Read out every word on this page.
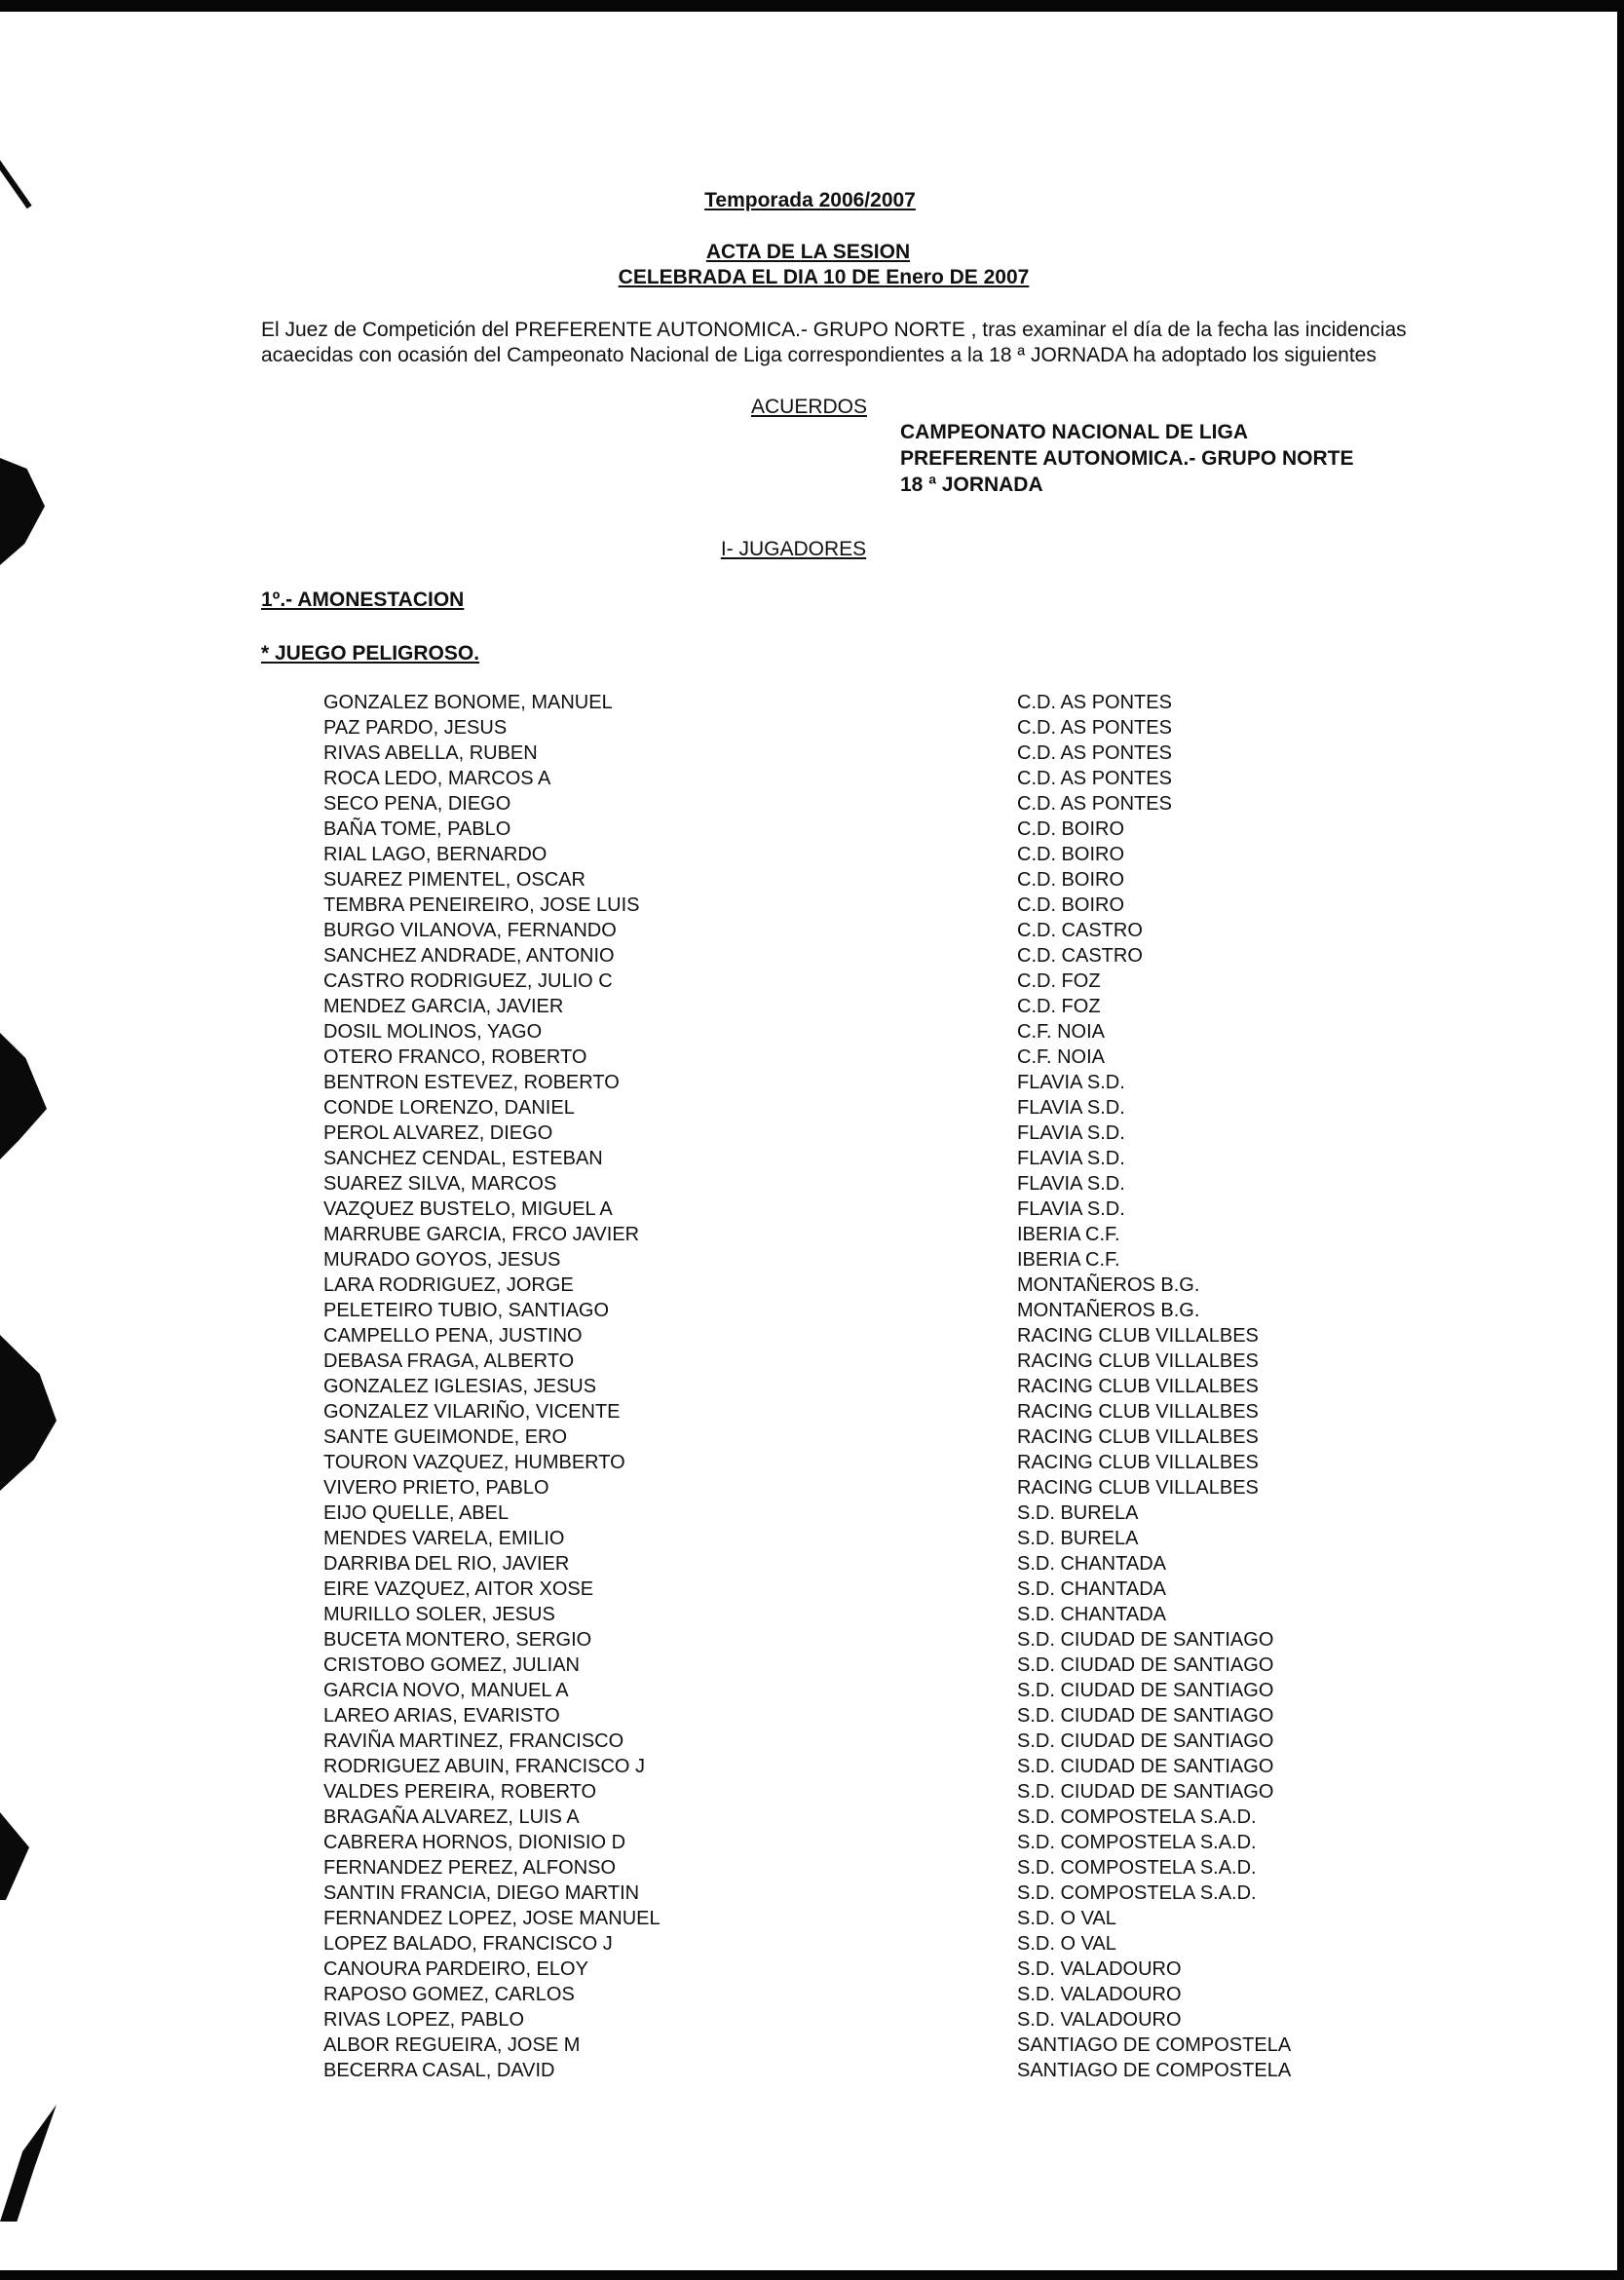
Temporada 2006/2007
ACTA DE LA SESION
CELEBRADA EL DIA 10 DE Enero DE 2007
El Juez de Competición del PREFERENTE AUTONOMICA.- GRUPO NORTE , tras examinar el día de la fecha las incidencias
acaecidas con ocasión del Campeonato Nacional de Liga correspondientes a la 18 ª JORNADA ha adoptado los siguientes
ACUERDOS
CAMPEONATO NACIONAL DE LIGA
PREFERENTE AUTONOMICA.- GRUPO NORTE
18 ª JORNADA
I- JUGADORES
1º.- AMONESTACION
* JUEGO PELIGROSO.
GONZALEZ BONOME, MANUEL	C.D. AS PONTES
PAZ PARDO, JESUS	C.D. AS PONTES
RIVAS ABELLA, RUBEN	C.D. AS PONTES
ROCA LEDO, MARCOS A	C.D. AS PONTES
SECO PENA, DIEGO	C.D. AS PONTES
BAÑA TOME, PABLO	C.D. BOIRO
RIAL LAGO, BERNARDO	C.D. BOIRO
SUAREZ PIMENTEL, OSCAR	C.D. BOIRO
TEMBRA PENEIREIRO, JOSE LUIS	C.D. BOIRO
BURGO VILANOVA, FERNANDO	C.D. CASTRO
SANCHEZ ANDRADE, ANTONIO	C.D. CASTRO
CASTRO RODRIGUEZ, JULIO C	C.D. FOZ
MENDEZ GARCIA, JAVIER	C.D. FOZ
DOSIL MOLINOS, YAGO	C.F. NOIA
OTERO FRANCO, ROBERTO	C.F. NOIA
BENTRON ESTEVEZ, ROBERTO	FLAVIA S.D.
CONDE LORENZO, DANIEL	FLAVIA S.D.
PEROL ALVAREZ, DIEGO	FLAVIA S.D.
SANCHEZ CENDAL, ESTEBAN	FLAVIA S.D.
SUAREZ SILVA, MARCOS	FLAVIA S.D.
VAZQUEZ BUSTELO, MIGUEL A	FLAVIA S.D.
MARRUBE GARCIA, FRCO JAVIER	IBERIA C.F.
MURADO GOYOS, JESUS	IBERIA C.F.
LARA RODRIGUEZ, JORGE	MONTAÑEROS B.G.
PELETEIRO TUBIO, SANTIAGO	MONTAÑEROS B.G.
CAMPELLO PENA, JUSTINO	RACING CLUB VILLALBES
DEBASA FRAGA, ALBERTO	RACING CLUB VILLALBES
GONZALEZ IGLESIAS, JESUS	RACING CLUB VILLALBES
GONZALEZ VILARIÑO, VICENTE	RACING CLUB VILLALBES
SANTE GUEIMONDE, ERO	RACING CLUB VILLALBES
TOURON VAZQUEZ, HUMBERTO	RACING CLUB VILLALBES
VIVERO PRIETO, PABLO	RACING CLUB VILLALBES
EIJO QUELLE, ABEL	S.D. BURELA
MENDES VARELA, EMILIO	S.D. BURELA
DARRIBA DEL RIO, JAVIER	S.D. CHANTADA
EIRE VAZQUEZ, AITOR XOSE	S.D. CHANTADA
MURILLO SOLER, JESUS	S.D. CHANTADA
BUCETA MONTERO, SERGIO	S.D. CIUDAD DE SANTIAGO
CRISTOBO GOMEZ, JULIAN	S.D. CIUDAD DE SANTIAGO
GARCIA NOVO, MANUEL A	S.D. CIUDAD DE SANTIAGO
LAREO ARIAS, EVARISTO	S.D. CIUDAD DE SANTIAGO
RAVIÑA MARTINEZ, FRANCISCO	S.D. CIUDAD DE SANTIAGO
RODRIGUEZ ABUIN, FRANCISCO J	S.D. CIUDAD DE SANTIAGO
VALDES PEREIRA, ROBERTO	S.D. CIUDAD DE SANTIAGO
BRAGAÑA ALVAREZ, LUIS A	S.D. COMPOSTELA S.A.D.
CABRERA HORNOS, DIONISIO D	S.D. COMPOSTELA S.A.D.
FERNANDEZ PEREZ, ALFONSO	S.D. COMPOSTELA S.A.D.
SANTIN FRANCIA, DIEGO MARTIN	S.D. COMPOSTELA S.A.D.
FERNANDEZ LOPEZ, JOSE MANUEL	S.D. O VAL
LOPEZ BALADO, FRANCISCO J	S.D. O VAL
CANOURA PARDEIRO, ELOY	S.D. VALADOURO
RAPOSO GOMEZ, CARLOS	S.D. VALADOURO
RIVAS LOPEZ, PABLO	S.D. VALADOURO
ALBOR REGUEIRA, JOSE M	SANTIAGO DE COMPOSTELA
BECERRA CASAL, DAVID	SANTIAGO DE COMPOSTELA
